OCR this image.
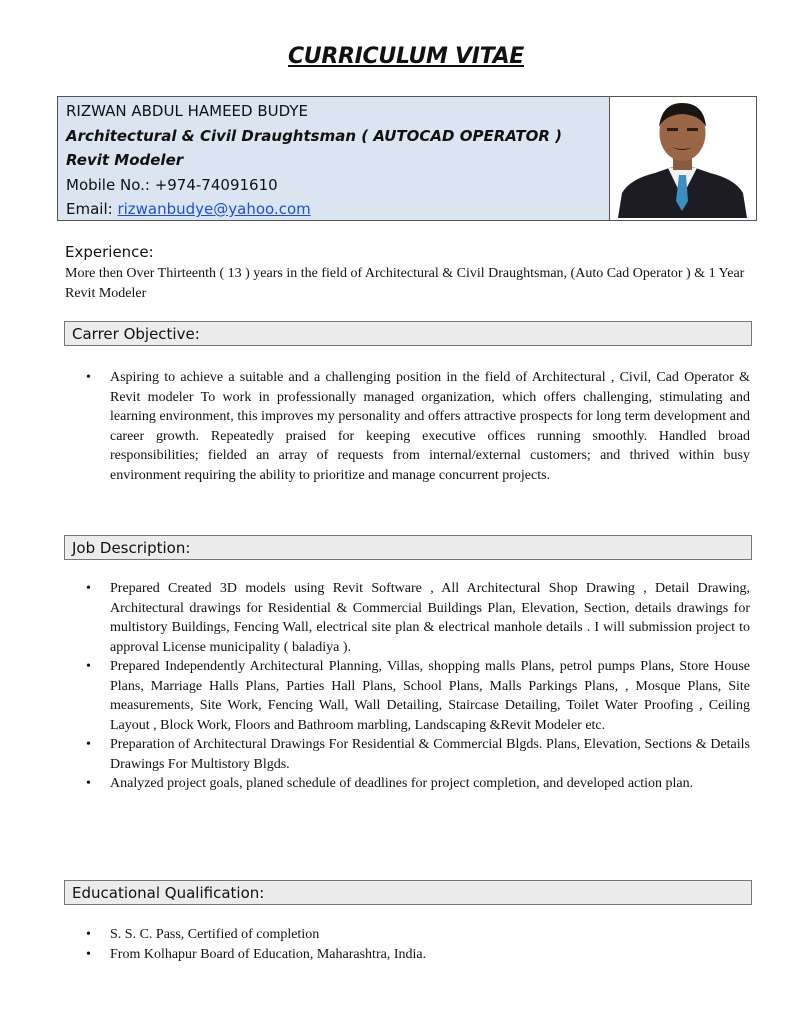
CURRICULUM VITAE
RIZWAN ABDUL HAMEED BUDYE
Architectural & Civil Draughtsman ( AUTOCAD OPERATOR )
Revit Modeler
Mobile No.: +974-74091610
Email: rizwanbudye@yahoo.com
Experience:
More then Over Thirteenth ( 13 ) years in the field of Architectural & Civil Draughtsman, (Auto Cad Operator ) & 1 Year Revit Modeler
Carrer Objective:
• Aspiring to achieve a suitable and a challenging position in the field of Architectural , Civil, Cad Operator & Revit modeler To work in professionally managed organization, which offers challenging, stimulating and learning environment, this improves my personality and offers attractive prospects for long term development and career growth. Repeatedly praised for keeping executive offices running smoothly. Handled broad responsibilities; fielded an array of requests from internal/external customers; and thrived within busy environment requiring the ability to prioritize and manage concurrent projects.
Job Description:
• Prepared Created 3D models using Revit Software , All Architectural Shop Drawing , Detail Drawing, Architectural drawings for Residential & Commercial Buildings Plan, Elevation, Section, details drawings for multistory Buildings, Fencing Wall, electrical site plan & electrical manhole details . I will submission project to approval License municipality ( baladiya ).
• Prepared Independently Architectural Planning, Villas, shopping malls Plans, petrol pumps Plans, Store House Plans, Marriage Halls Plans, Parties Hall Plans, School Plans, Malls Parkings Plans, , Mosque Plans, Site measurements, Site Work, Fencing Wall, Wall Detailing, Staircase Detailing, Toilet Water Proofing , Ceiling Layout , Block Work, Floors and Bathroom marbling, Landscaping &Revit Modeler etc.
• Preparation of Architectural Drawings For Residential & Commercial Blgds. Plans, Elevation, Sections & Details Drawings For Multistory Blgds.
• Analyzed project goals, planed schedule of deadlines for project completion, and developed action plan.
Educational Qualification:
• S. S. C. Pass, Certified of completion
• From Kolhapur Board of Education, Maharashtra, India.
